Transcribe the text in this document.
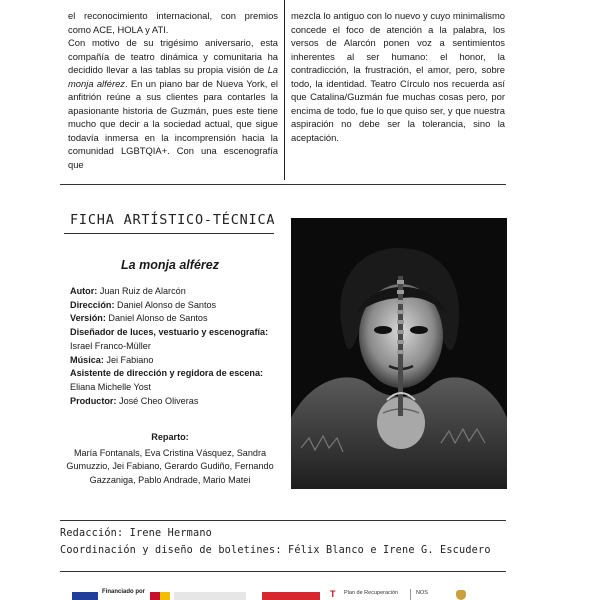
el reconocimiento internacional, con premios como ACE, HOLA y ATI.

Con motivo de su trigésimo aniversario, esta compañía de teatro dinámica y comunitaria ha decidido llevar a las tablas su propia visión de La monja alférez. En un piano bar de Nueva York, el anfitrión reúne a sus clientes para contarles la apasionante historia de Guzmán, pues este tiene mucho que decir a la sociedad actual, que sigue todavía inmersa en la incomprensión hacia la comunidad LGBTQIA+. Con una escenografía que

mezcla lo antiguo con lo nuevo y cuyo minimalismo concede el foco de atención a la palabra, los versos de Alarcón ponen voz a sentimientos inherentes al ser humano: el honor, la contradicción, la frustración, el amor, pero, sobre todo, la identidad. Teatro Círculo nos recuerda así que Catalina/Guzmán fue muchas cosas pero, por encima de todo, fue lo que quiso ser, y que nuestra aspiración no debe ser la tolerancia, sino la aceptación.

FICHA ARTÍSTICO-TÉCNICA

La monja alférez

Autor: Juan Ruiz de Alarcón

Dirección: Daniel Alonso de Santos

Versión: Daniel Alonso de Santos

Diseñador de luces, vestuario y escenografía:

Israel Franco-Müller

Música: Jei Fabiano

Asistente de dirección y regidora de escena:

Eliana Michelle Yost

Productor: José Cheo Oliveras

Reparto:

María Fontanals, Eva Cristina Vásquez, Sandra Gumuzzio, Jei Fabiano, Gerardo Gudiño, Fernando Gazzaniga, Pablo Andrade, Mario Matei

Redacción: Irene Hermano

Coordinación y diseño de boletines: Félix Blanco e Irene G. Escudero

Financiado por	T Plan de Recuperación	NOS
